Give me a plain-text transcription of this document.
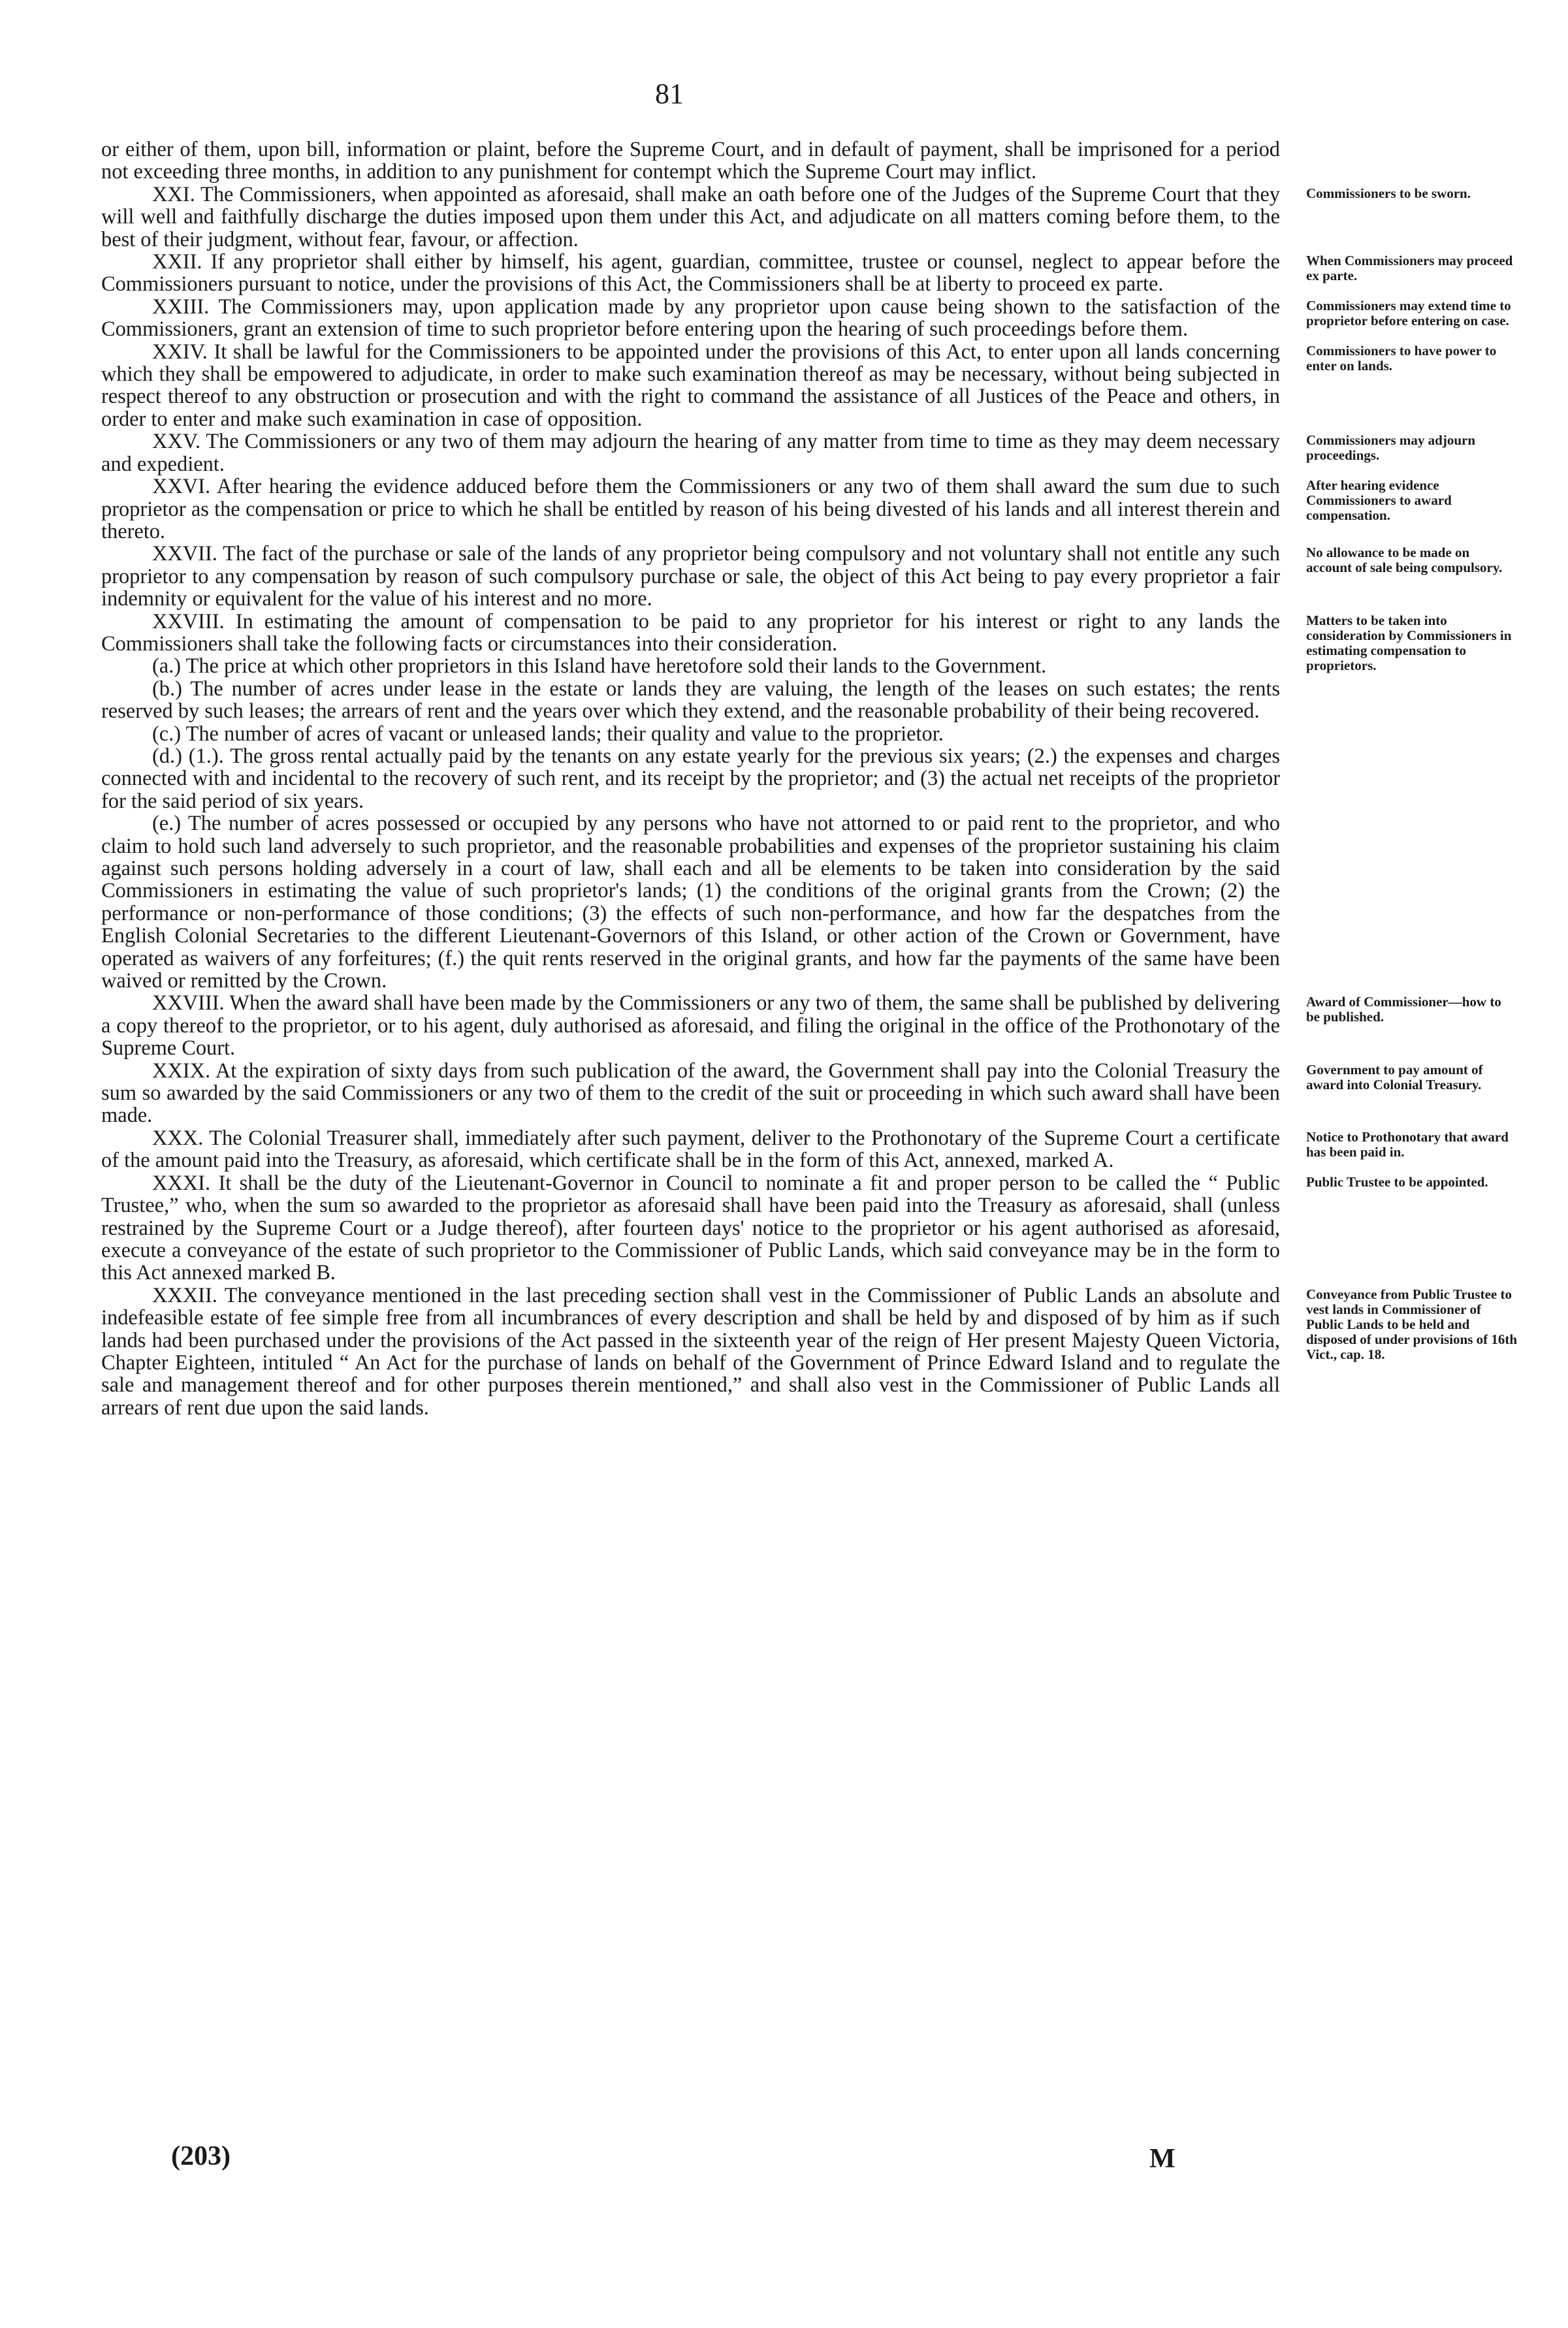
81

or either of them, upon bill, information or plaint, before the Supreme Court, and in default of payment, shall be imprisoned for a period not exceeding three months, in addition to any punishment for contempt which the Supreme Court may inflict.

XXI. The Commissioners, when appointed as aforesaid, shall make an oath before one of the Judges of the Supreme Court that they will well and faithfully discharge the duties imposed upon them under this Act, and adjudicate on all matters coming before them, to the best of their judgment, without fear, favour, or affection.
Commissioners to be sworn.

XXII. If any proprietor shall either by himself, his agent, guardian, committee, trustee or counsel, neglect to appear before the Commissioners pursuant to notice, under the provisions of this Act, the Commissioners shall be at liberty to proceed ex parte.
When Commissioners may proceed ex parte.

XXIII. The Commissioners may, upon application made by any proprietor upon cause being shown to the satisfaction of the Commissioners, grant an extension of time to such proprietor before entering upon the hearing of such proceedings before them.
Commissioners may extend time to proprietor before entering on case.

XXIV. It shall be lawful for the Commissioners to be appointed under the provisions of this Act, to enter upon all lands concerning which they shall be empowered to adjudicate, in order to make such examination thereof as may be necessary, without being subjected in respect thereof to any obstruction or prosecution and with the right to command the assistance of all Justices of the Peace and others, in order to enter and make such examination in case of opposition.
Commissioners to have power to enter on lands.

XXV. The Commissioners or any two of them may adjourn the hearing of any matter from time to time as they may deem necessary and expedient.
Commissioners may adjourn proceedings.

XXVI. After hearing the evidence adduced before them the Commissioners or any two of them shall award the sum due to such proprietor as the compensation or price to which he shall be entitled by reason of his being divested of his lands and all interest therein and thereto.
After hearing evidence Commissioners to award compensation.

XXVII. The fact of the purchase or sale of the lands of any proprietor being compulsory and not voluntary shall not entitle any such proprietor to any compensation by reason of such compulsory purchase or sale, the object of this Act being to pay every proprietor a fair indemnity or equivalent for the value of his interest and no more.
No allowance to be made on account of sale being compulsory.

XXVIII. In estimating the amount of compensation to be paid to any proprietor for his interest or right to any lands the Commissioners shall take the following facts or circumstances into their consideration.
Matters to be taken into consideration by Commissioners in estimating compensation to proprietors.

(a.) The price at which other proprietors in this Island have heretofore sold their lands to the Government.

(b.) The number of acres under lease in the estate or lands they are valuing, the length of the leases on such estates; the rents reserved by such leases; the arrears of rent and the years over which they extend, and the reasonable probability of their being recovered.

(c.) The number of acres of vacant or unleased lands; their quality and value to the proprietor.

(d.) (1.). The gross rental actually paid by the tenants on any estate yearly for the previous six years; (2.) the expenses and charges connected with and incidental to the recovery of such rent, and its receipt by the proprietor; and (3) the actual net receipts of the proprietor for the said period of six years.

(e.) The number of acres possessed or occupied by any persons who have not attorned to or paid rent to the proprietor, and who claim to hold such land adversely to such proprietor, and the reasonable probabilities and expenses of the proprietor sustaining his claim against such persons holding adversely in a court of law, shall each and all be elements to be taken into consideration by the said Commissioners in estimating the value of such proprietor's lands; (1) the conditions of the original grants from the Crown; (2) the performance or non-performance of those conditions; (3) the effects of such non-performance, and how far the despatches from the English Colonial Secretaries to the different Lieutenant-Governors of this Island, or other action of the Crown or Government, have operated as waivers of any forfeitures; (f.) the quit rents reserved in the original grants, and how far the payments of the same have been waived or remitted by the Crown.

XXVIII. When the award shall have been made by the Commissioners or any two of them, the same shall be published by delivering a copy thereof to the proprietor, or to his agent, duly authorised as aforesaid, and filing the original in the office of the Prothonotary of the Supreme Court.
Award of Commissioner—how to be published.

XXIX. At the expiration of sixty days from such publication of the award, the Government shall pay into the Colonial Treasury the sum so awarded by the said Commissioners or any two of them to the credit of the suit or proceeding in which such award shall have been made.
Government to pay amount of award into Colonial Treasury.

XXX. The Colonial Treasurer shall, immediately after such payment, deliver to the Prothonotary of the Supreme Court a certificate of the amount paid into the Treasury, as aforesaid, which certificate shall be in the form of this Act, annexed, marked A.
Notice to Prothonotary that award has been paid in.

XXXI. It shall be the duty of the Lieutenant-Governor in Council to nominate a fit and proper person to be called the “ Public Trustee,” who, when the sum so awarded to the proprietor as aforesaid shall have been paid into the Treasury as aforesaid, shall (unless restrained by the Supreme Court or a Judge thereof), after fourteen days' notice to the proprietor or his agent authorised as aforesaid, execute a conveyance of the estate of such proprietor to the Commissioner of Public Lands, which said conveyance may be in the form to this Act annexed marked B.
Public Trustee to be appointed.

XXXII. The conveyance mentioned in the last preceding section shall vest in the Commissioner of Public Lands an absolute and indefeasible estate of fee simple free from all incumbrances of every description and shall be held by and disposed of by him as if such lands had been purchased under the provisions of the Act passed in the sixteenth year of the reign of Her present Majesty Queen Victoria, Chapter Eighteen, intituled “ An Act for the purchase of lands on behalf of the Government of Prince Edward Island and to regulate the sale and management thereof and for other purposes therein mentioned,” and shall also vest in the Commissioner of Public Lands all arrears of rent due upon the said lands.
Conveyance from Public Trustee to vest lands in Commissioner of Public Lands to be held and disposed of under provisions of 16th Vict., cap. 18.

(203)	M
